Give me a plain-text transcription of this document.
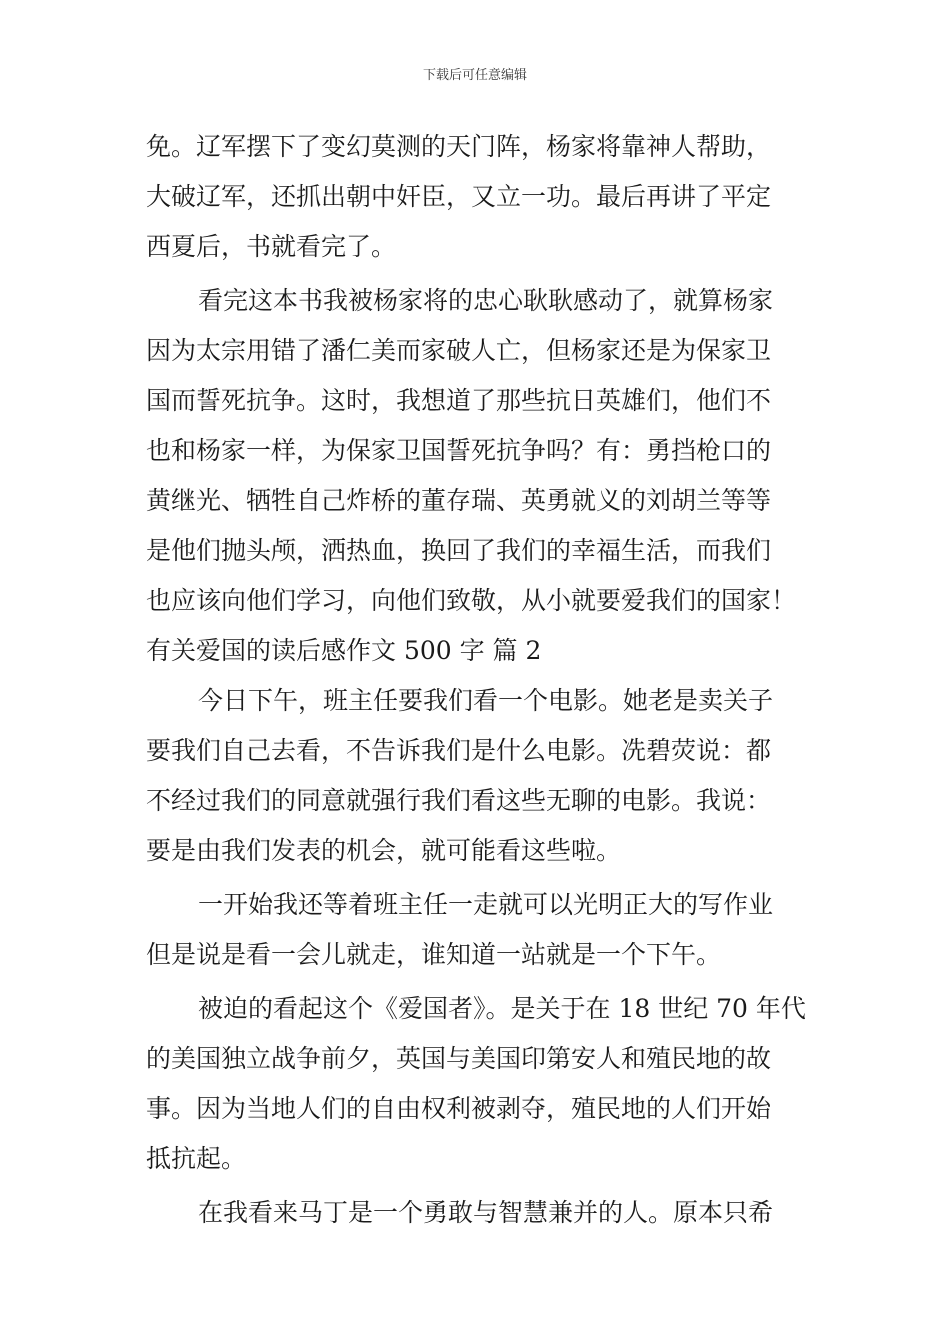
下载后可任意编辑
免。辽军摆下了变幻莫测的天门阵，杨家将靠神人帮助，
大破辽军，还抓出朝中奸臣，又立一功。最后再讲了平定
西夏后，书就看完了。
看完这本书我被杨家将的忠心耿耿感动了，就算杨家
因为太宗用错了潘仁美而家破人亡，但杨家还是为保家卫
国而誓死抗争。这时，我想道了那些抗日英雄们，他们不
也和杨家一样，为保家卫国誓死抗争吗？有：勇挡枪口的
黄继光、牺牲自己炸桥的董存瑞、英勇就义的刘胡兰等等
是他们抛头颅，洒热血，换回了我们的幸福生活，而我们
也应该向他们学习，向他们致敬，从小就要爱我们的国家！
有关爱国的读后感作文 500 字 篇 2
今日下午，班主任要我们看一个电影。她老是卖关子
要我们自己去看，不告诉我们是什么电影。冼碧荧说：都
不经过我们的同意就强行我们看这些无聊的电影。我说：
要是由我们发表的机会，就可能看这些啦。
一开始我还等着班主任一走就可以光明正大的写作业
但是说是看一会儿就走，谁知道一站就是一个下午。
被迫的看起这个《爱国者》。是关于在 18 世纪 70 年代
的美国独立战争前夕，英国与美国印第安人和殖民地的故
事。因为当地人们的自由权利被剥夺，殖民地的人们开始
抵抗起。
在我看来马丁是一个勇敢与智慧兼并的人。原本只希
